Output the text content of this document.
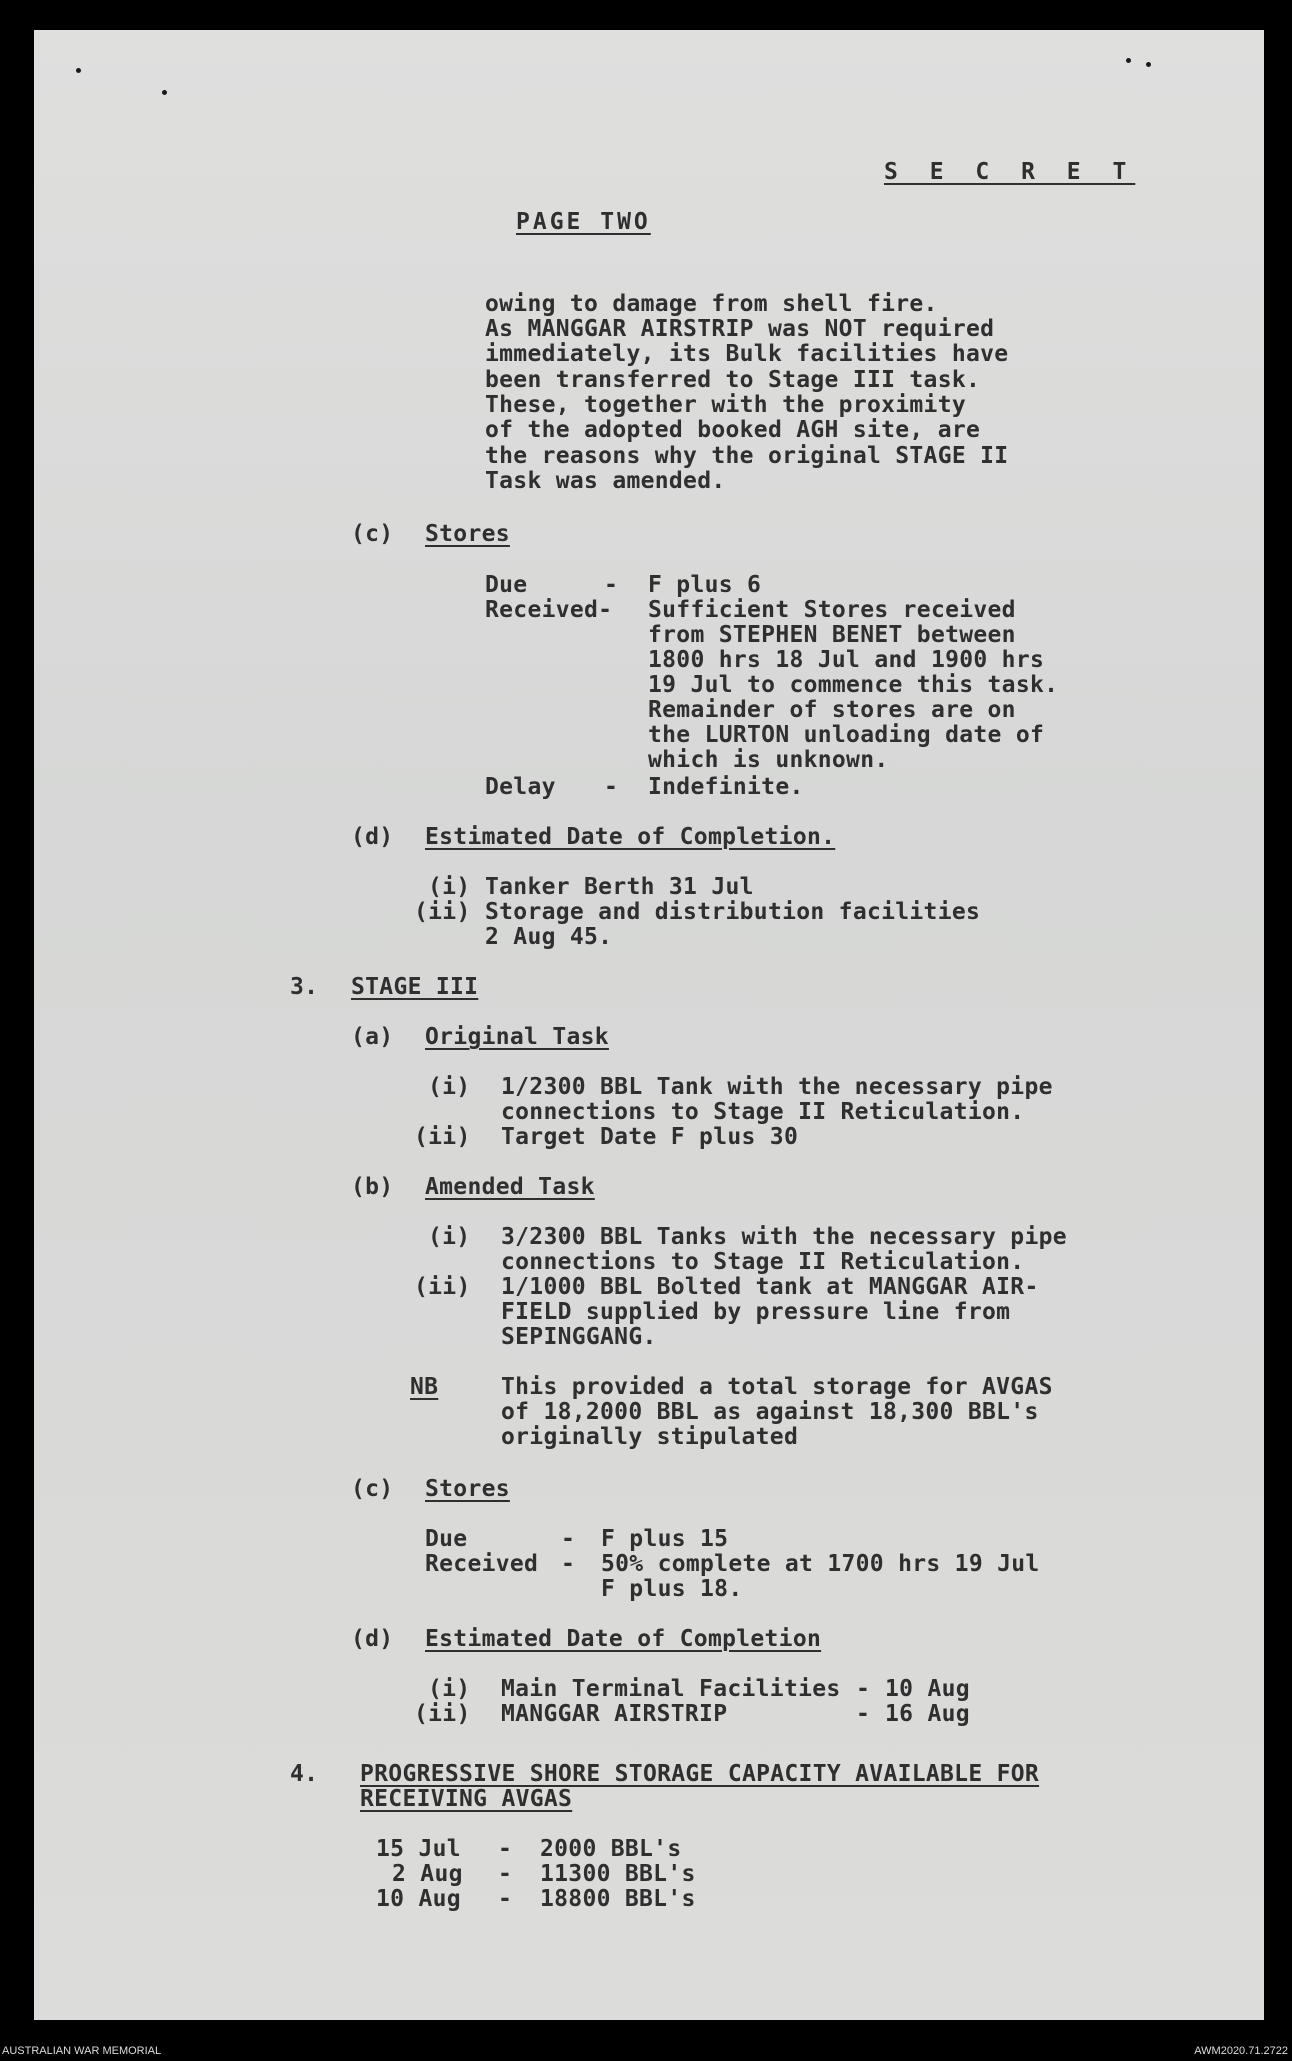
S E C R E T
PAGE TWO
owing to damage from shell fire.
As MANGGAR AIRSTRIP was NOT required
immediately, its Bulk facilities have
been transferred to Stage III task.
These, together with the proximity
of the adopted booked AGH site, are
the reasons why the original STAGE II
Task was amended.
(c) Stores
Due	- F plus 6
Received- Sufficient Stores received
from STEPHEN BENET between
1800 hrs 18 Jul and 1900 hrs
19 Jul to commence this task.
Remainder of stores are on
the LURTON unloading date of
which is unknown.
Delay - Indefinite.
(d) Estimated Date of Completion.
(i) Tanker Berth 31 Jul
(ii) Storage and distribution facilities
2 Aug 45.
3. STAGE III
(a) Original Task
(i) 1/2300 BBL Tank with the necessary pipe
connections to Stage II Reticulation.
(ii) Target Date F plus 30
(b) Amended Task
(i) 3/2300 BBL Tanks with the necessary pipe
connections to Stage II Reticulation.
(ii) 1/1000 BBL Bolted tank at MANGGAR AIR-
FIELD supplied by pressure line from
SEPINGGANG.
NB	This provided a total storage for AVGAS
of 18,2000 BBL as against 18,300 BBL's
originally stipulated
(c) Stores
Due	- F plus 15
Received - 50% complete at 1700 hrs 19 Jul
F plus 18.
(d) Estimated Date of Completion
(i) Main Terminal Facilities - 10 Aug
(ii) MANGGAR AIRSTRIP	- 16 Aug
4. PROGRESSIVE SHORE STORAGE CAPACITY AVAILABLE FOR
RECEIVING AVGAS
15 Jul - 2000 BBL's
2 Aug - 11300 BBL's
10 Aug - 18800 BBL's
AUSTRALIAN WAR MEMORIAL	AWM2020.71.2722
